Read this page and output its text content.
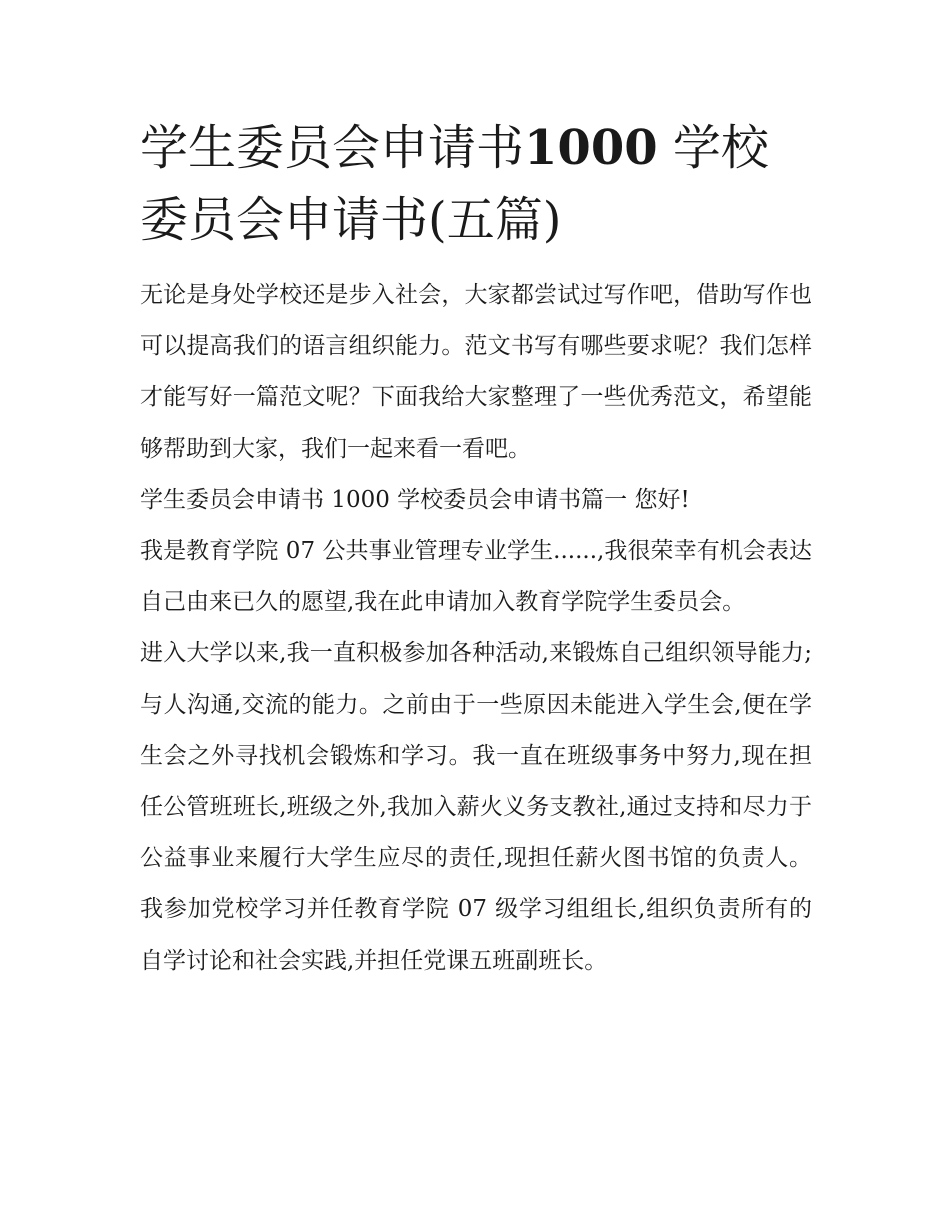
学生委员会申请书1000 学校委员会申请书(五篇)

无论是身处学校还是步入社会，大家都尝试过写作吧，借助写作也可以提高我们的语言组织能力。范文书写有哪些要求呢？我们怎样才能写好一篇范文呢？下面我给大家整理了一些优秀范文，希望能够帮助到大家，我们一起来看一看吧。

学生委员会申请书 1000 学校委员会申请书篇一 您好!

我是教育学院 07 公共事业管理专业学生......,我很荣幸有机会表达自己由来已久的愿望,我在此申请加入教育学院学生委员会。

进入大学以来,我一直积极参加各种活动,来锻炼自己组织领导能力;与人沟通,交流的能力。之前由于一些原因未能进入学生会,便在学生会之外寻找机会锻炼和学习。我一直在班级事务中努力,现在担任公管班班长,班级之外,我加入薪火义务支教社,通过支持和尽力于公益事业来履行大学生应尽的责任,现担任薪火图书馆的负责人。我参加党校学习并任教育学院 07 级学习组组长,组织负责所有的自学讨论和社会实践,并担任党课五班副班长。
